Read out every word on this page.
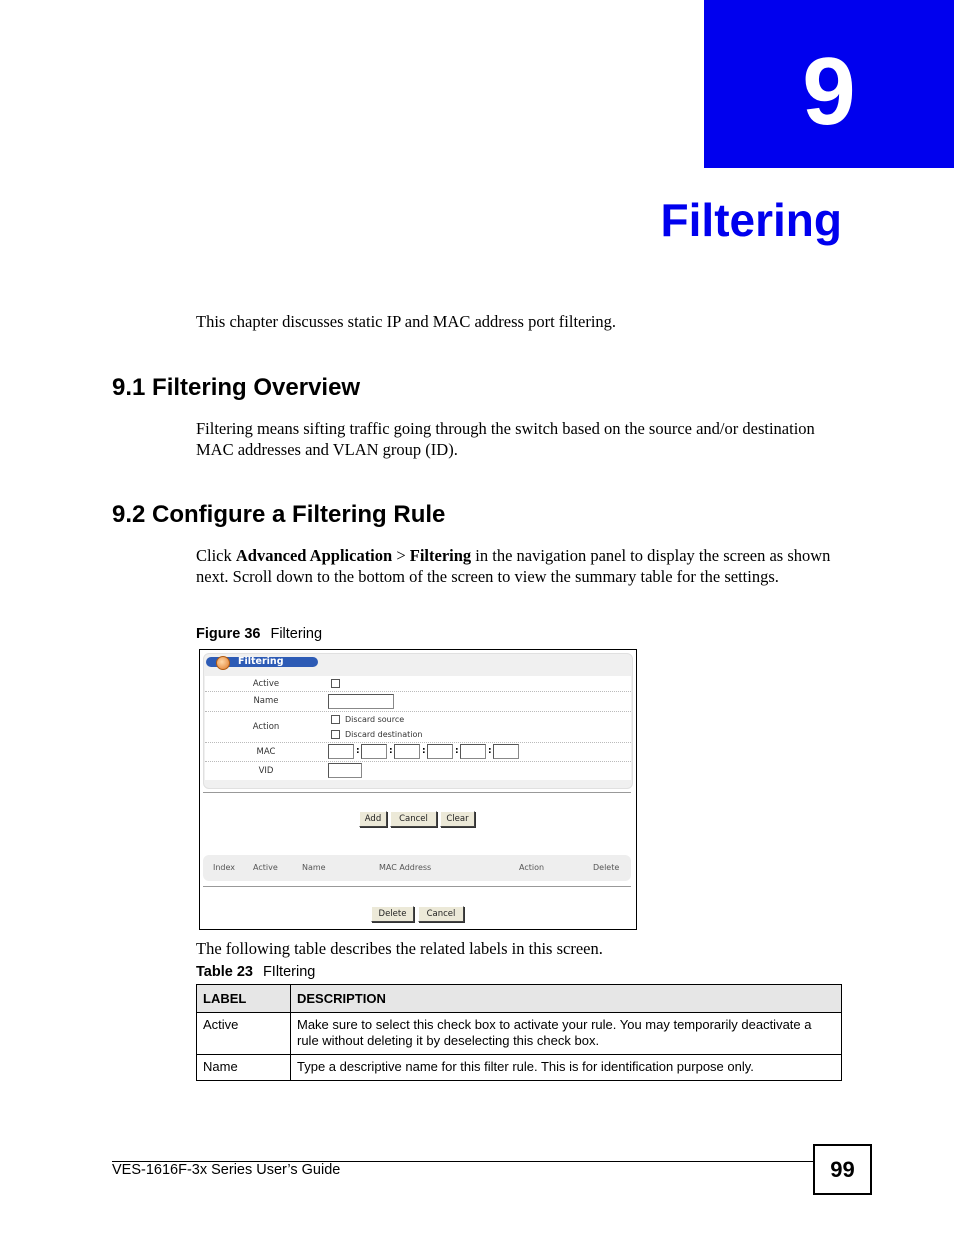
9
Filtering
This chapter discusses static IP and MAC address port filtering.
9.1 Filtering Overview
Filtering means sifting traffic going through the switch based on the source and/or destination MAC addresses and VLAN group (ID).
9.2 Configure a Filtering Rule
Click Advanced Application > Filtering in the navigation panel to display the screen as shown next. Scroll down to the bottom of the screen to view the summary table for the settings.
Figure 36 Filtering
Filtering
Active
Name
Action
Discard source
Discard destination
MAC	:	:	:	:	:
VID
Add	Cancel	Clear
Index Active	Name	MAC Address	Action	Delete
Delete	Cancel
The following table describes the related labels in this screen.
Table 23 FIltering
LABEL	DESCRIPTION
Active	Make sure to select this check box to activate your rule. You may temporarily deactivate a rule without deleting it by deselecting this check box.
Name	Type a descriptive name for this filter rule. This is for identification purpose only.
VES-1616F-3x Series User’s Guide	99
